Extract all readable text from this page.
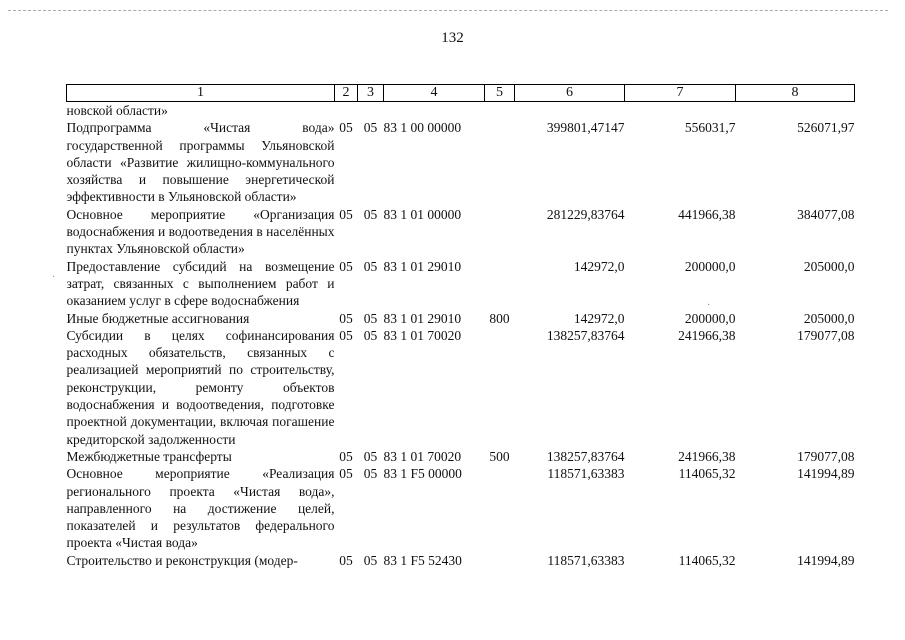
132
1	2	3	4	5	6	7	8
новской области»							
Подпрограмма «Чистая вода» государственной программы Ульяновской области «Развитие жилищно-коммунального хозяйства и повышение энергетической эффективности в Ульяновской области»	05	05	83 1 00 00000		399801,47147	556031,7	526071,97
Основное мероприятие «Организация водоснабжения и водоотведения в населённых пунктах Ульяновской области»	05	05	83 1 01 00000		281229,83764	441966,38	384077,08
Предоставление субсидий на возмещение затрат, связанных с выполнением работ и оказанием услуг в сфере водоснабжения	05	05	83 1 01 29010		142972,0	200000,0	205000,0
Иные бюджетные ассигнования	05	05	83 1 01 29010	800	142972,0	200000,0	205000,0
Субсидии в целях софинансирования расходных обязательств, связанных с реализацией мероприятий по строительству, реконструкции, ремонту объектов водоснабжения и водоотведения, подготовке проектной документации, включая погашение кредиторской задолженности	05	05	83 1 01 70020		138257,83764	241966,38	179077,08
Межбюджетные трансферты	05	05	83 1 01 70020	500	138257,83764	241966,38	179077,08
Основное мероприятие «Реализация регионального проекта «Чистая вода», направленного на достижение целей, показателей и результатов федерального проекта «Чистая вода»	05	05	83 1 F5 00000		118571,63383	114065,32	141994,89
Строительство и реконструкция (модер-	05	05	83 1 F5 52430		118571,63383	114065,32	141994,89
·
·
